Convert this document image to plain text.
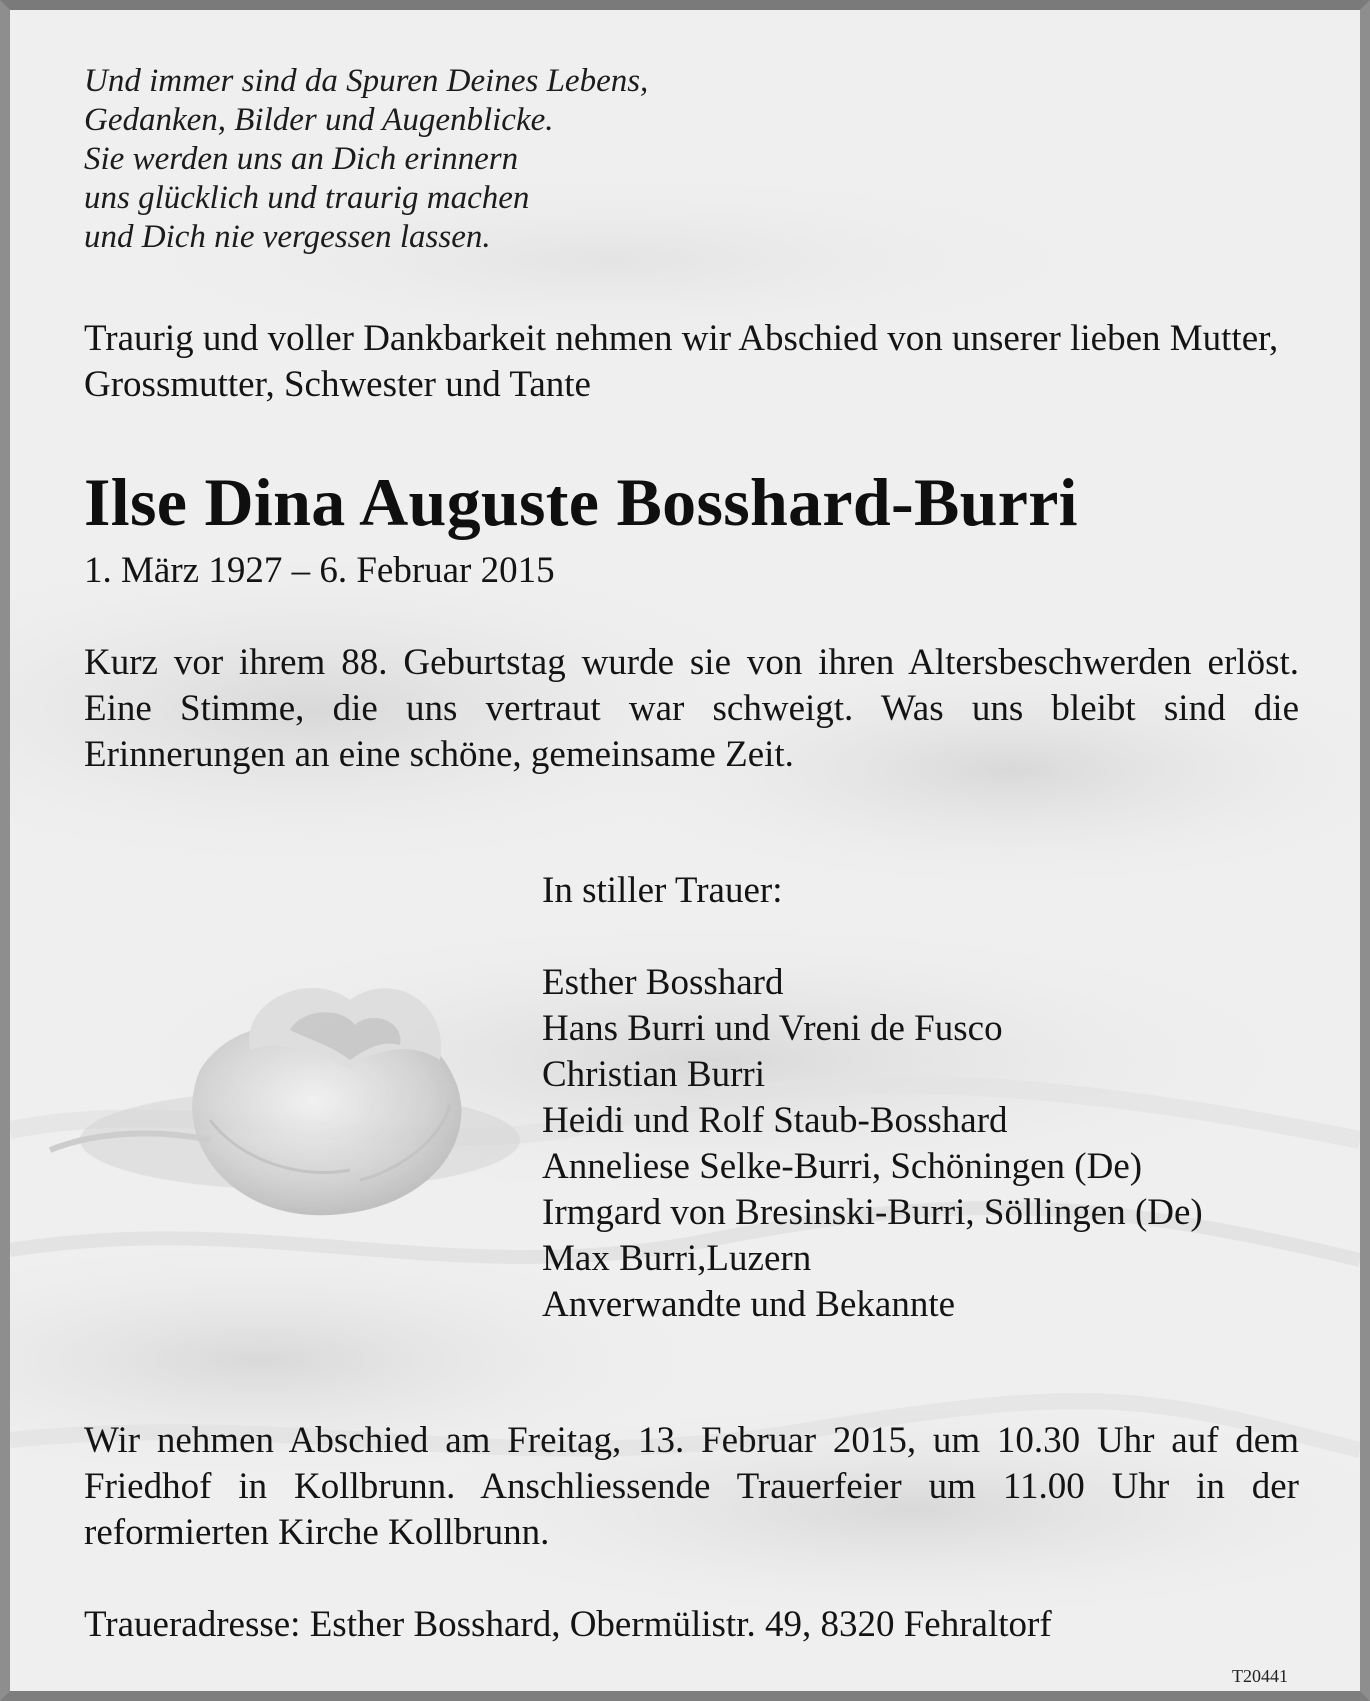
Und immer sind da Spuren Deines Lebens,
Gedanken, Bilder und Augenblicke.
Sie werden uns an Dich erinnern
uns glücklich und traurig machen
und Dich nie vergessen lassen.
Traurig und voller Dankbarkeit nehmen wir Abschied von unserer lieben Mutter, Grossmutter, Schwester und Tante
Ilse Dina Auguste Bosshard-Burri
1. März 1927 – 6. Februar 2015
Kurz vor ihrem 88. Geburtstag wurde sie von ihren Altersbeschwerden erlöst. Eine Stimme, die uns vertraut war schweigt. Was uns bleibt sind die Erinnerungen an eine schöne, gemeinsame Zeit.
In stiller Trauer:
Esther Bosshard
Hans Burri und Vreni de Fusco
Christian Burri
Heidi und Rolf Staub-Bosshard
Anneliese Selke-Burri, Schöningen (De)
Irmgard von Bresinski-Burri, Söllingen (De)
Max Burri,Luzern
Anverwandte und Bekannte
Wir nehmen Abschied am Freitag, 13. Februar 2015, um 10.30 Uhr auf dem Friedhof in Kollbrunn. Anschliessende Trauerfeier um 11.00 Uhr in der reformierten Kirche Kollbrunn.
Traueradresse: Esther Bosshard, Obermülistr. 49, 8320 Fehraltorf
T20441
